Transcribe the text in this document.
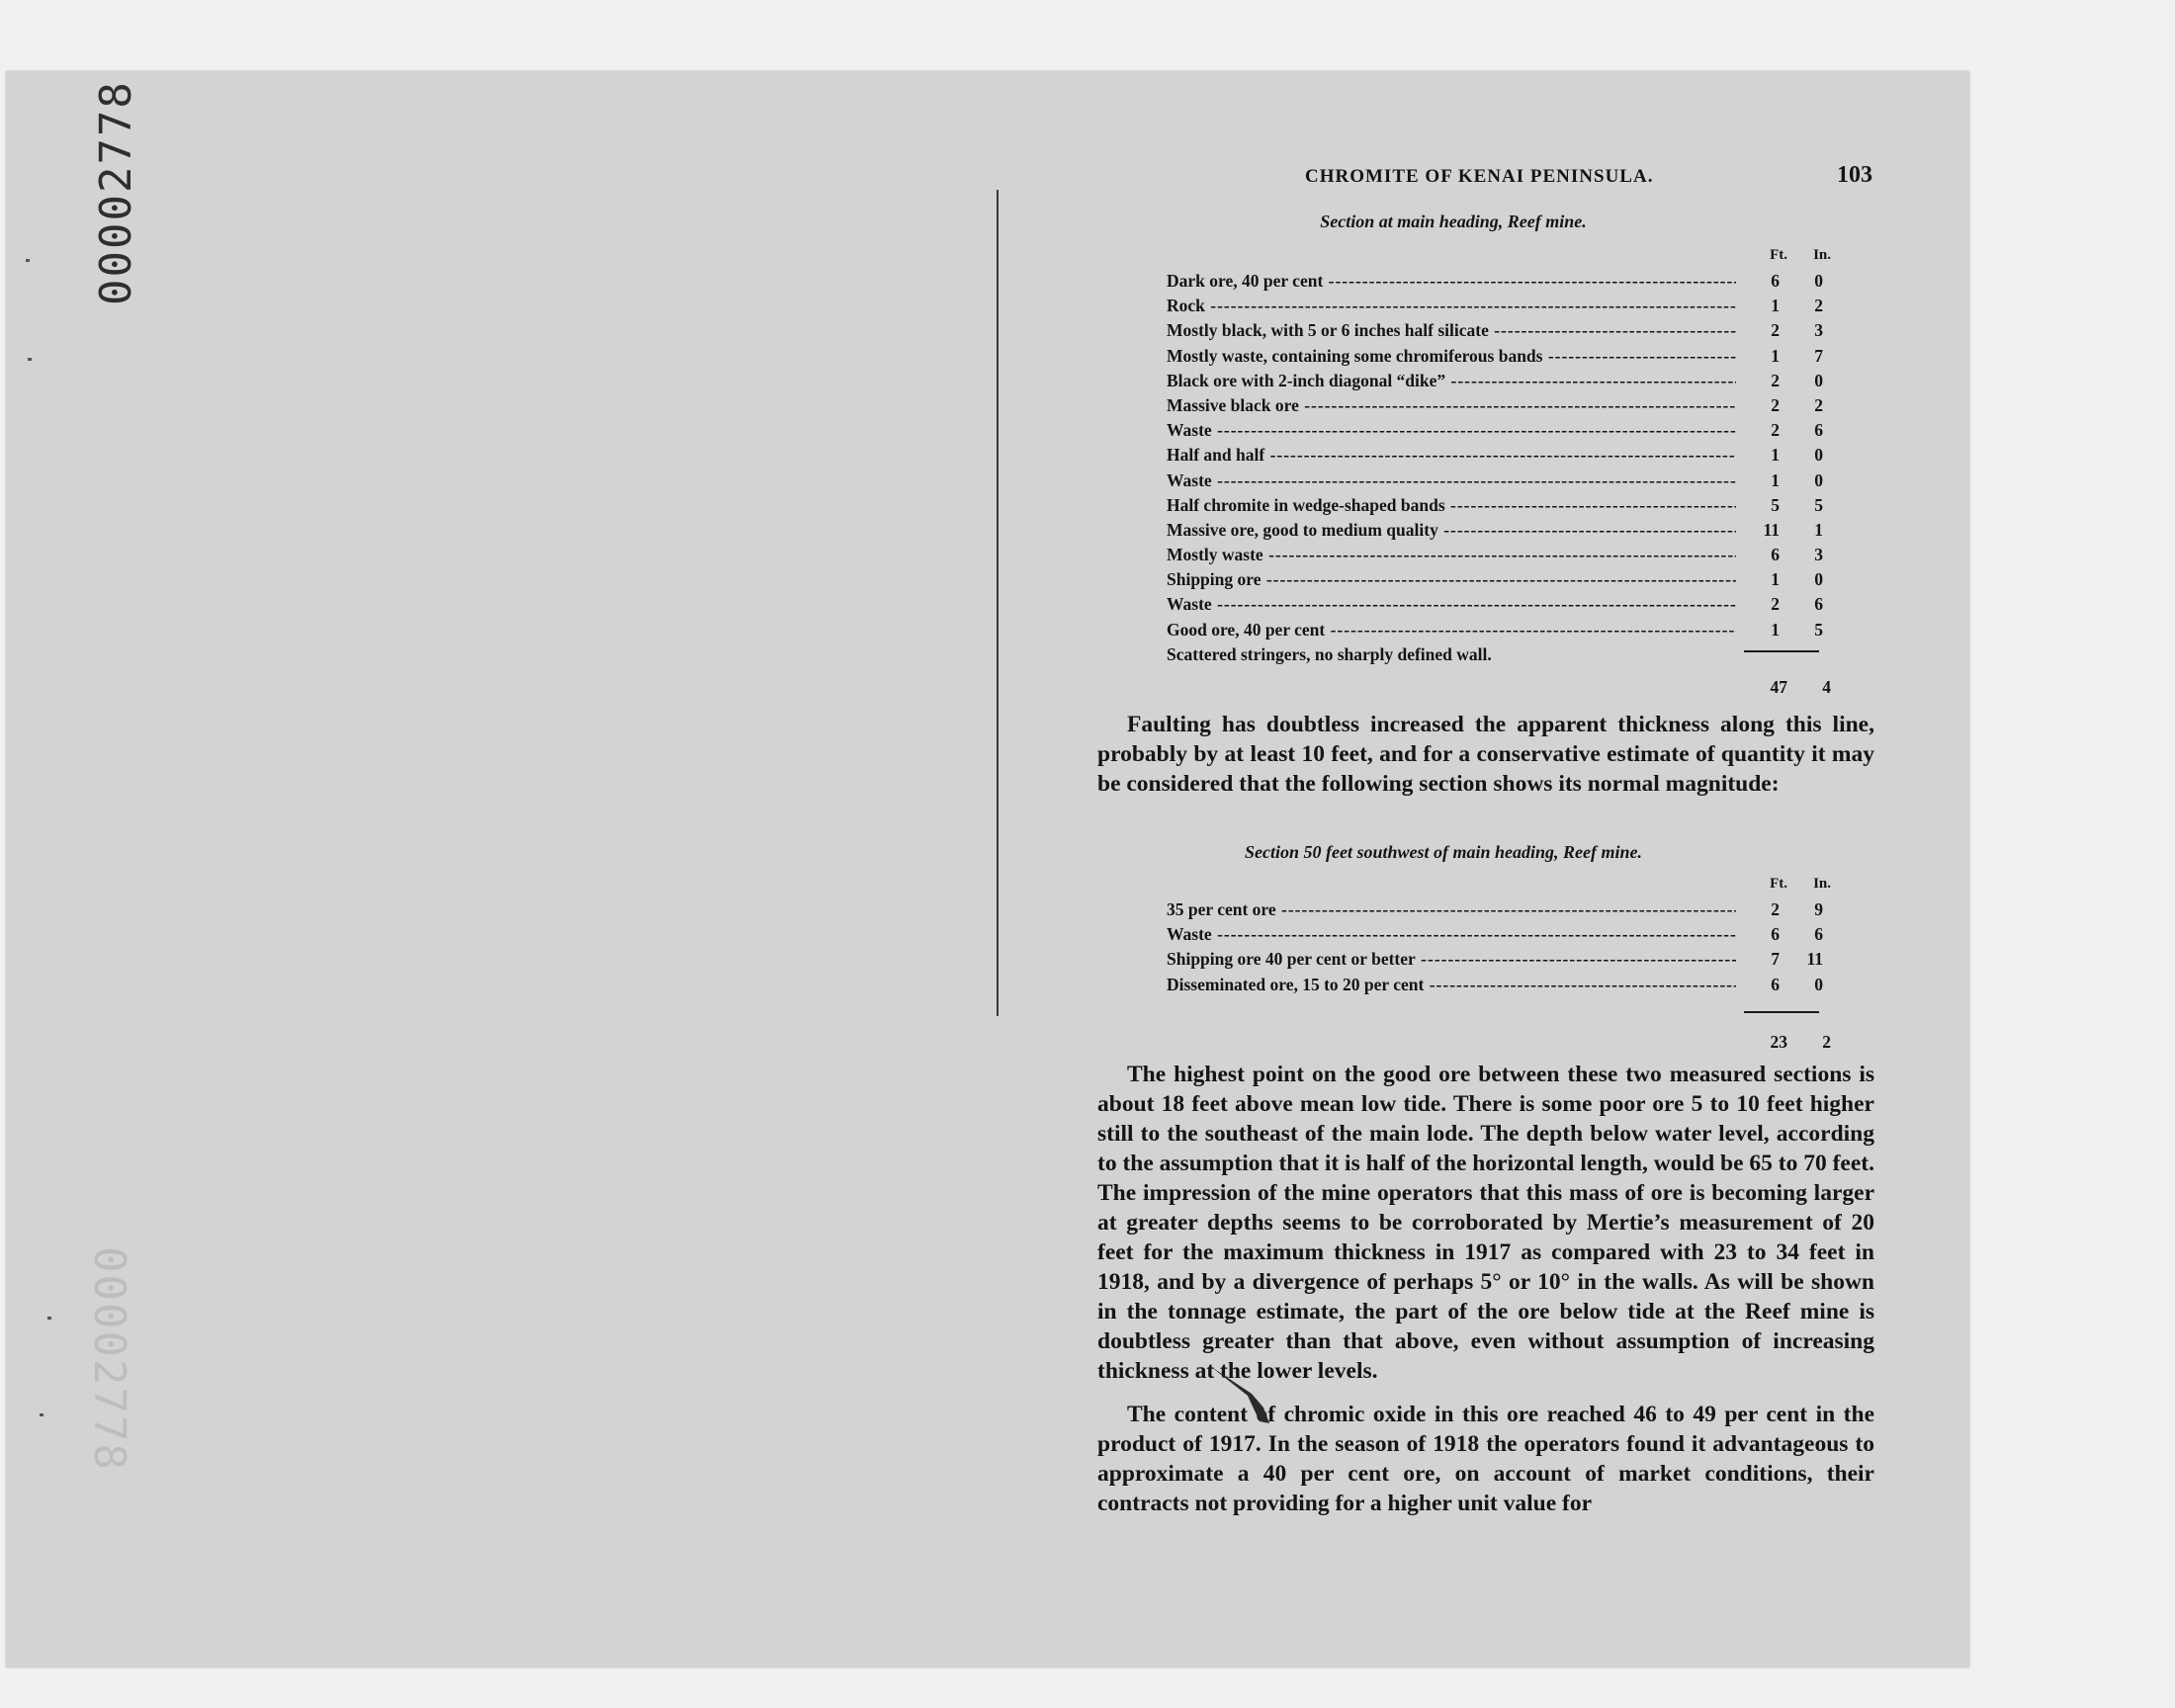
00002778
00002778
CHROMITE OF KENAI PENINSULA.	103
Section at main heading, Reef mine.
Ft.	In.
Dark ore, 40 per cent -----	6	0
Rock -----	1	2
Mostly black, with 5 or 6 inches half silicate -----	2	3
Mostly waste, containing some chromiferous bands -----	1	7
Black ore with 2-inch diagonal “dike” -----	2	0
Massive black ore -----	2	2
Waste -----	2	6
Half and half -----	1	0
Waste -----	1	0
Half chromite in wedge-shaped bands -----	5	5
Massive ore, good to medium quality -----	11	1
Mostly waste -----	6	3
Shipping ore -----	1	0
Waste -----	2	6
Good ore, 40 per cent -----	1	5
Scattered stringers, no sharply defined wall.
47	4
Faulting has doubtless increased the apparent thickness along this line, probably by at least 10 feet, and for a conservative estimate of quantity it may be considered that the following section shows its normal magnitude:
Section 50 feet southwest of main heading, Reef mine.
Ft.	In.
35 per cent ore -----	2	9
Waste -----	6	6
Shipping ore 40 per cent or better -----	7	11
Disseminated ore, 15 to 20 per cent -----	6	0
23	2
The highest point on the good ore between these two measured sections is about 18 feet above mean low tide. There is some poor ore 5 to 10 feet higher still to the southeast of the main lode. The depth below water level, according to the assumption that it is half of the horizontal length, would be 65 to 70 feet. The impression of the mine operators that this mass of ore is becoming larger at greater depths seems to be corroborated by Mertie’s measurement of 20 feet for the maximum thickness in 1917 as compared with 23 to 34 feet in 1918, and by a divergence of perhaps 5° or 10° in the walls. As will be shown in the tonnage estimate, the part of the ore below tide at the Reef mine is doubtless greater than that above, even without assumption of increasing thickness at the lower levels.
The content of chromic oxide in this ore reached 46 to 49 per cent in the product of 1917. In the season of 1918 the operators found it advantageous to approximate a 40 per cent ore, on account of market conditions, their contracts not providing for a higher unit value for
